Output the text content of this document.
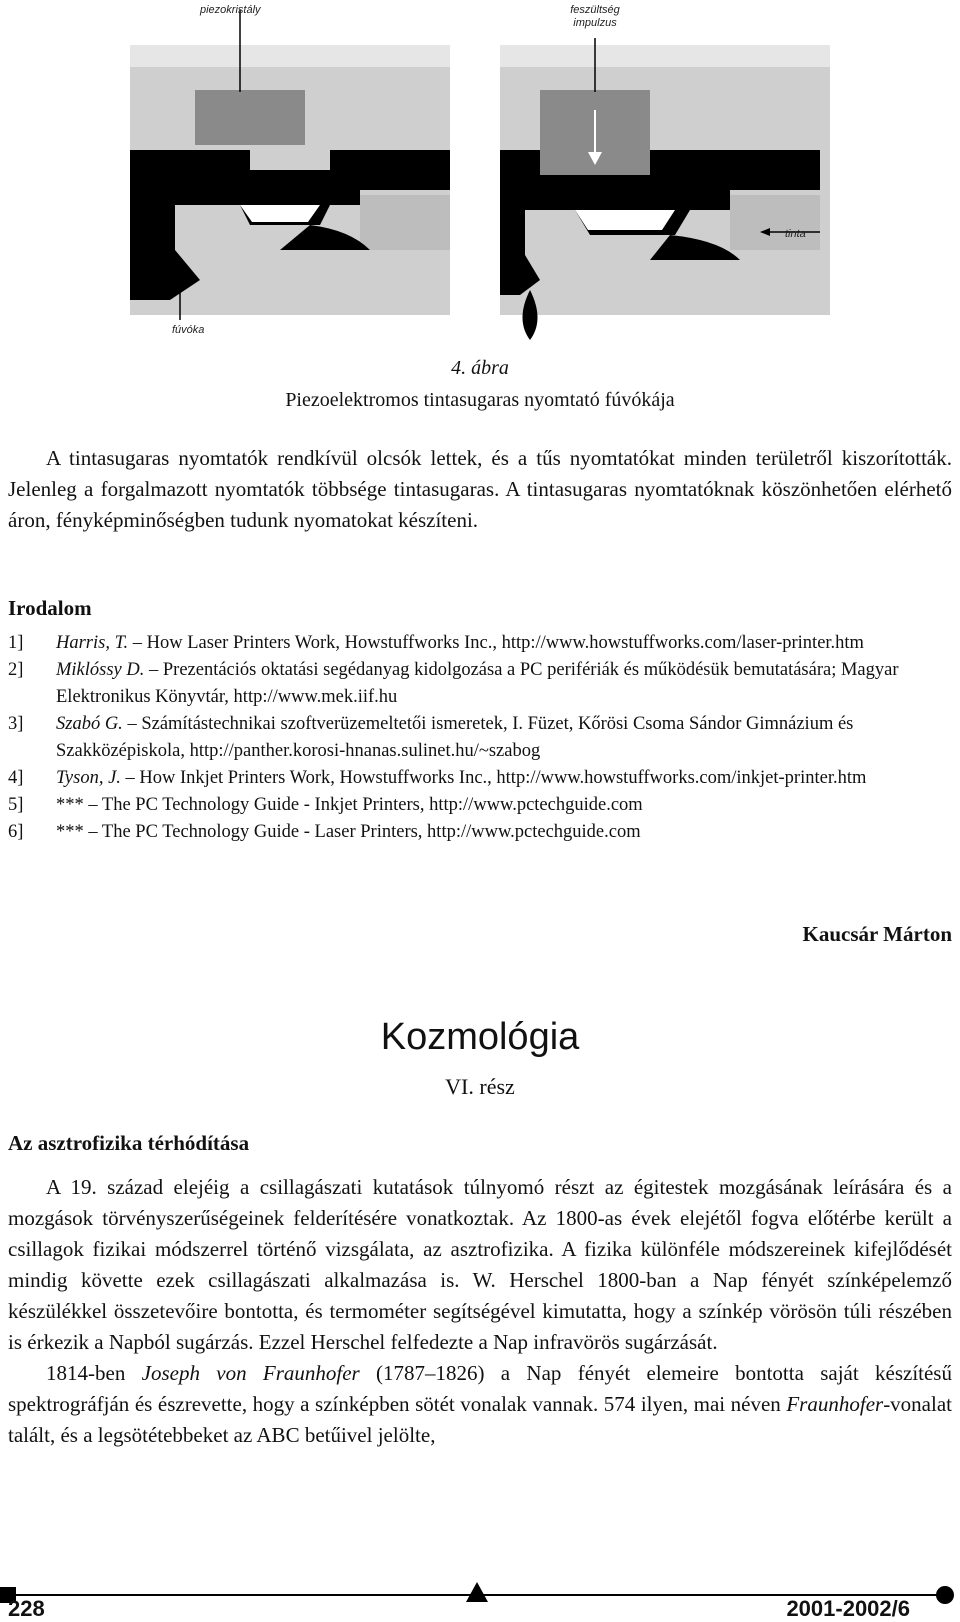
piezokristály	feszültség impulzus
tinta
fúvóka
4. ábra
Piezoelektromos tintasugaras nyomtató fúvókája

A tintasugaras nyomtatók rendkívül olcsók lettek, és a tűs nyomtatókat minden területről kiszorították. Jelenleg a forgalmazott nyomtatók többsége tintasugaras. A tintasugaras nyomtatóknak köszönhetően elérhető áron, fényképminőségben tudunk nyomatokat készíteni.

Irodalom
1]	Harris, T. – How Laser Printers Work, Howstuffworks Inc., http://www.howstuffworks.com/laser-printer.htm
2]	Miklóssy D. – Prezentációs oktatási segédanyag kidolgozása a PC perifériák és működésük bemutatására; Magyar Elektronikus Könyvtár, http://www.mek.iif.hu
3]	Szabó G. – Számítástechnikai szoftverüzemeltetői ismeretek, I. Füzet, Kőrösi Csoma Sándor Gimnázium és Szakközépiskola, http://panther.korosi-hnanas.sulinet.hu/~szabog
4]	Tyson, J. – How Inkjet Printers Work, Howstuffworks Inc., http://www.howstuffworks.com/inkjet-printer.htm
5]	*** – The PC Technology Guide - Inkjet Printers, http://www.pctechguide.com
6]	*** – The PC Technology Guide - Laser Printers, http://www.pctechguide.com
Kaucsár Márton
Kozmológia
VI. rész
Az asztrofizika térhódítása

A 19. század elejéig a csillagászati kutatások túlnyomó részt az égitestek mozgásának leírására és a mozgások törvényszerűségeinek felderítésére vonatkoztak. Az 1800-as évek elejétől fogva előtérbe került a csillagok fizikai módszerrel történő vizsgálata, az asztrofizika. A fizika különféle módszereinek kifejlődését mindig követte ezek csillagászati alkalmazása is. W. Herschel 1800-ban a Nap fényét színképelemző készülékkel összetevőire bontotta, és termométer segítségével kimutatta, hogy a színkép vörösön túli részében is érkezik a Napból sugárzás. Ezzel Herschel felfedezte a Nap infravörös sugárzását.

1814-ben Joseph von Fraunhofer (1787–1826) a Nap fényét elemeire bontotta saját készítésű spektrográfján és észrevette, hogy a színképben sötét vonalak vannak. 574 ilyen, mai néven Fraunhofer-vonalat talált, és a legsötétebbeket az ABC betűivel jelölte,

228	2001-2002/6
